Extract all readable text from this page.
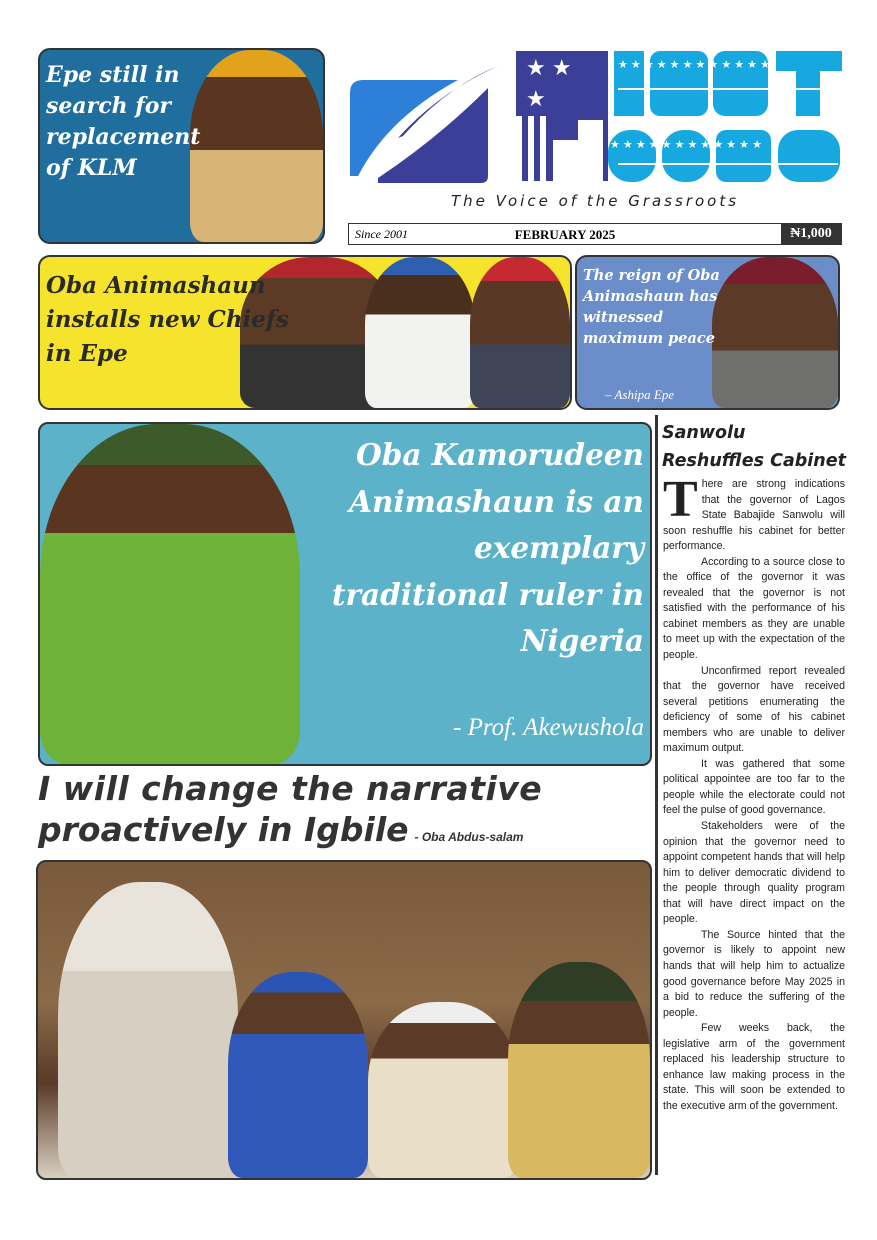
Epe still in search for replacement of KLM
★ ★
★
★ ★ ★ ★ ★ ★ ★ ★ ★ ★ ★ ★
★ ★ ★ ★ ★ ★ ★ ★ ★ ★ ★ ★
The Voice of the Grassroots
Since 2001	FEBRUARY 2025	₦1,000
Oba Animashaun installs new Chiefs in Epe
The reign of Oba Animashaun has witnessed maximum peace
– Ashipa Epe
Oba Kamorudeen Animashaun is an exemplary traditional ruler in Nigeria
- Prof. Akewushola
I will change the narrative
proactively in Igbile - Oba Abdus-salam
Sanwolu Reshuffles Cabinet

There are strong indications that the governor of Lagos State Babajide Sanwolu will soon reshuffle his cabinet for better performance.

According to a source close to the office of the governor it was revealed that the governor is not satisfied with the performance of his cabinet members as they are unable to meet up with the expectation of the people.

Unconfirmed report revealed that the governor have received several petitions enumerating the deficiency of some of his cabinet members who are unable to deliver maximum output.

It was gathered that some political appointee are too far to the people while the electorate could not feel the pulse of good governance.

Stakeholders were of the opinion that the governor need to appoint competent hands that will help him to deliver democratic dividend to the people through quality program that will have direct impact on the people.

The Source hinted that the governor is likely to appoint new hands that will help him to actualize good governance before May 2025 in a bid to reduce the suffering of the people.

Few weeks back, the legislative arm of the government replaced his leadership structure to enhance law making process in the state. This will soon be extended to the executive arm of the government.
